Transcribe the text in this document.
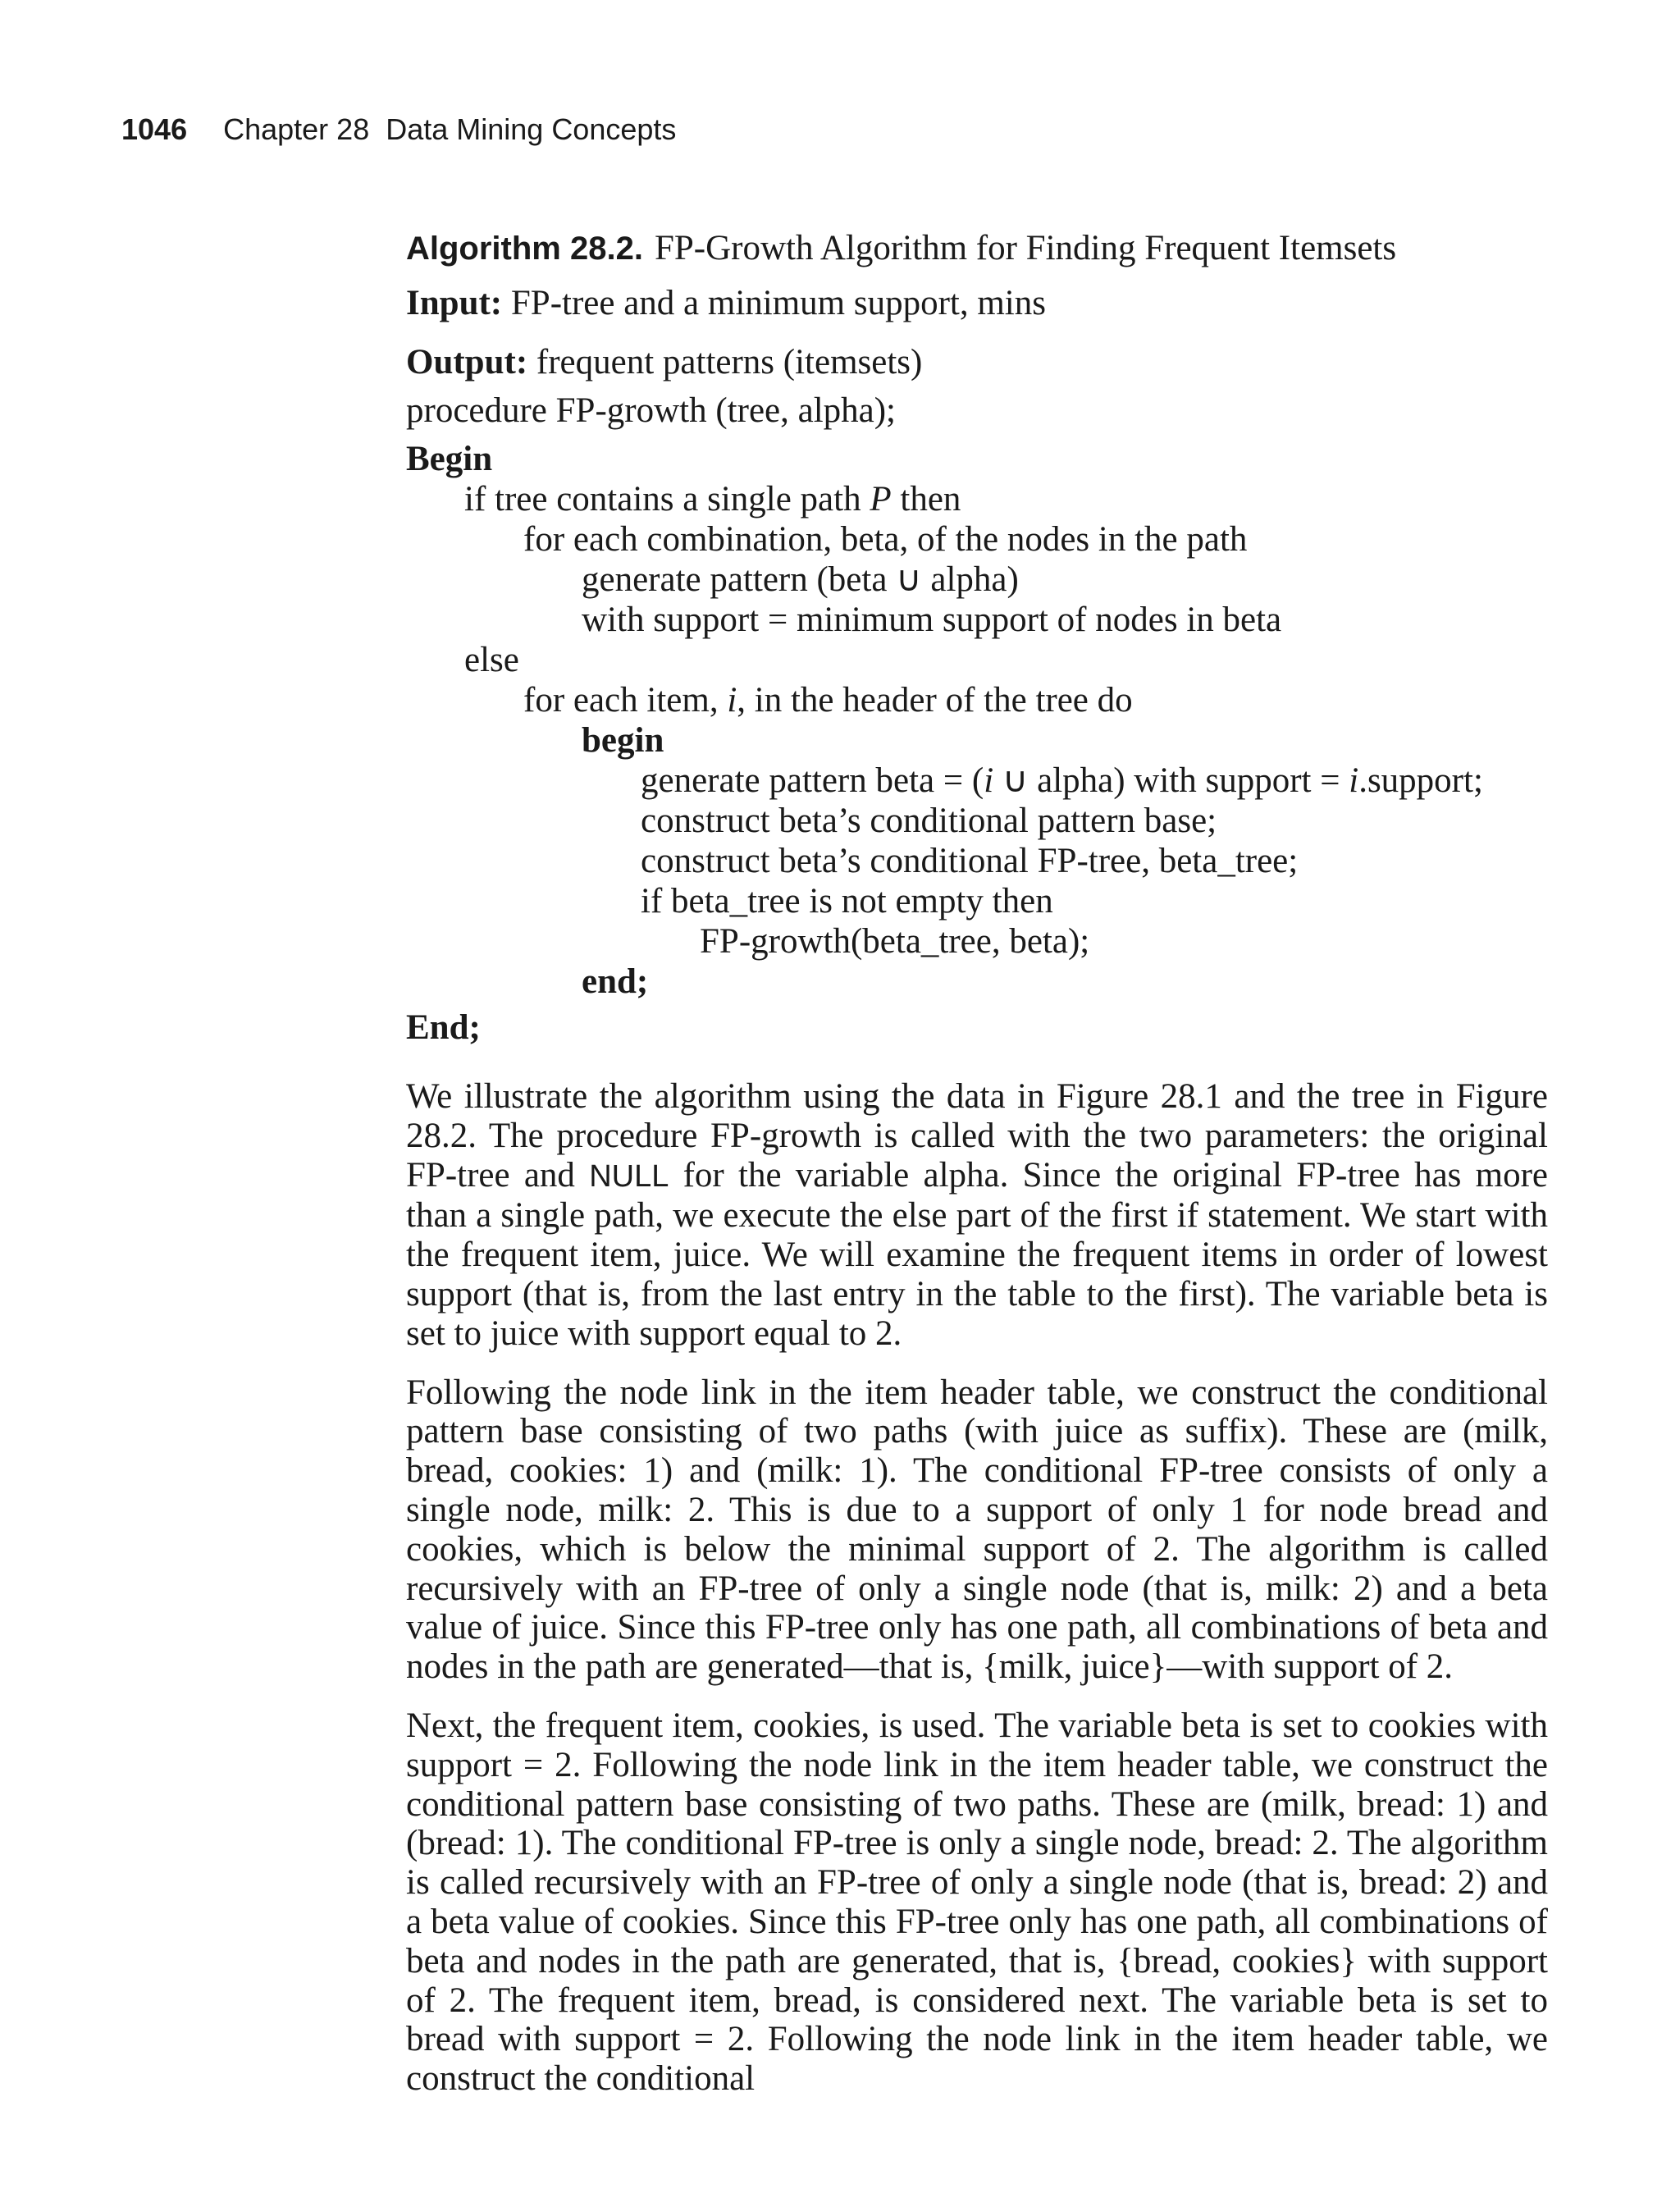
1046 Chapter 28  Data Mining Concepts
Algorithm 28.2. FP-Growth Algorithm for Finding Frequent Itemsets
Input: FP-tree and a minimum support, mins
Output: frequent patterns (itemsets)
procedure FP-growth (tree, alpha);
Begin
if tree contains a single path P then
for each combination, beta, of the nodes in the path
generate pattern (beta ∪ alpha)
with support = minimum support of nodes in beta
else
for each item, i, in the header of the tree do
begin
generate pattern beta = (i ∪ alpha) with support = i.support;
construct beta’s conditional pattern base;
construct beta’s conditional FP-tree, beta_tree;
if beta_tree is not empty then
FP-growth(beta_tree, beta);
end;
End;

We illustrate the algorithm using the data in Figure 28.1 and the tree in Figure 28.2. The procedure FP-growth is called with the two parameters: the original FP-tree and NULL for the variable alpha. Since the original FP-tree has more than a single path, we execute the else part of the first if statement. We start with the frequent item, juice. We will examine the frequent items in order of lowest support (that is, from the last entry in the table to the first). The variable beta is set to juice with support equal to 2.

Following the node link in the item header table, we construct the conditional pattern base consisting of two paths (with juice as suffix). These are (milk, bread, cookies: 1) and (milk: 1). The conditional FP-tree consists of only a single node, milk: 2. This is due to a support of only 1 for node bread and cookies, which is below the minimal support of 2. The algorithm is called recursively with an FP-tree of only a single node (that is, milk: 2) and a beta value of juice. Since this FP-tree only has one path, all combinations of beta and nodes in the path are generated—that is, {milk, juice}—with support of 2.

Next, the frequent item, cookies, is used. The variable beta is set to cookies with support = 2. Following the node link in the item header table, we construct the conditional pattern base consisting of two paths. These are (milk, bread: 1) and (bread: 1). The conditional FP-tree is only a single node, bread: 2. The algorithm is called recursively with an FP-tree of only a single node (that is, bread: 2) and a beta value of cookies. Since this FP-tree only has one path, all combinations of beta and nodes in the path are generated, that is, {bread, cookies} with support of 2. The frequent item, bread, is considered next. The variable beta is set to bread with support = 2. Following the node link in the item header table, we construct the conditional
